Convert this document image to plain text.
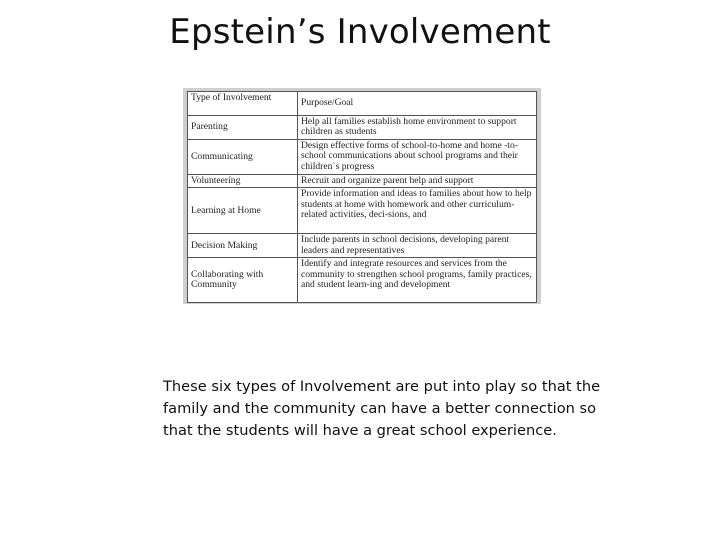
Epstein’s Involvement
Type of Involvement	Purpose/Goal
Parenting	Help all families establish home environment to support children as students
Communicating	Design effective forms of school-to-home and home -to- school communications about school programs and their children`s progress
Volunteering	Recruit and organize parent help and support
Learning at Home	Provide information and ideas to families about how to help students at home with homework and other curriculum-related activities, deci-sions, and
Decision Making	Include parents in school decisions, developing parent leaders and representatives
Collaborating with Community	Identify and integrate resources and services from the community to strengthen school programs, family practices, and student learn-ing and development
These six types of Involvement are put into play so that the family and the community can have a better connection so that the students will have a great school experience.
